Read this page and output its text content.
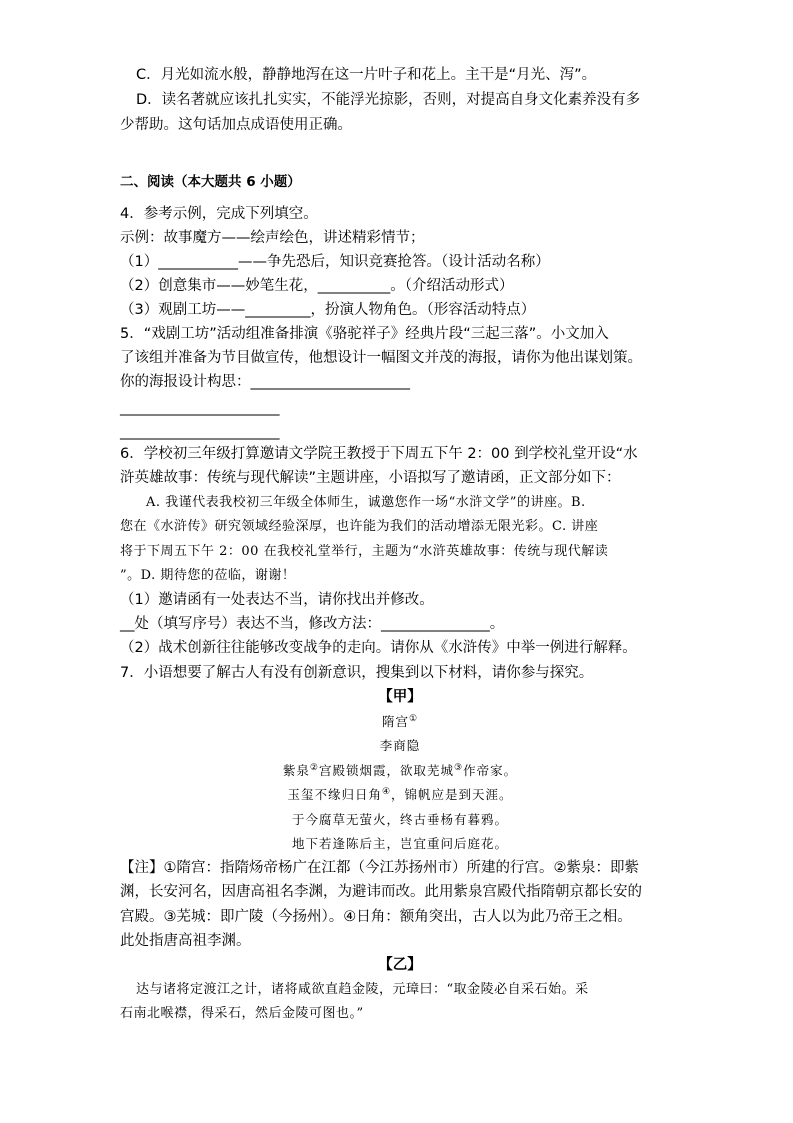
C．月光如流水般，静静地泻在这一片叶子和花上。主干是“月光、泻”。
D．读名著就应该扎扎实实，不能浮光掠影，否则，对提高自身文化素养没有多
少帮助。这句话加点成语使用正确。
二、阅读（本大题共 6 小题）
4．参考示例，完成下列填空。
示例：故事魔方——绘声绘色，讲述精彩情节；
（1）___________——争先恐后，知识竞赛抢答。（设计活动名称）
（2）创意集市——妙笔生花，__________。（介绍活动形式）
（3）观剧工坊——_________，扮演人物角色。（形容活动特点）
5．“戏剧工坊”活动组准备排演《骆驼祥子》经典片段“三起三落”。小文加入
了该组并准备为节目做宣传，他想设计一幅图文并茂的海报，请你为他出谋划策。
你的海报设计构思：______________________
______________________
______________________
6．学校初三年级打算邀请文学院王教授于下周五下午 2：00 到学校礼堂开设“水
浒英雄故事：传统与现代解读”主题讲座，小语拟写了邀请函，正文部分如下：
A. 我谨代表我校初三年级全体师生，诚邀您作一场“水浒文学”的讲座。B.
您在《水浒传》研究领域经验深厚，也许能为我们的活动增添无限光彩。C. 讲座
将于下周五下午 2：00 在我校礼堂举行，主题为“水浒英雄故事：传统与现代解读
”。D. 期待您的莅临，谢谢！
（1）邀请函有一处表达不当，请你找出并修改。
__处（填写序号）表达不当，修改方法：_______________。
（2）战术创新往往能够改变战争的走向。请你从《水浒传》中举一例进行解释。
7．小语想要了解古人有没有创新意识，搜集到以下材料，请你参与探究。
【甲】
隋宫①
李商隐
紫泉②宫殿锁烟霞，欲取芜城③作帝家。
玉玺不缘归日角④，锦帆应是到天涯。
于今腐草无萤火，终古垂杨有暮鸦。
地下若逢陈后主，岂宜重问后庭花。
【注】①隋宫：指隋炀帝杨广在江都（今江苏扬州市）所建的行宫。②紫泉：即紫
渊，长安河名，因唐高祖名李渊，为避讳而改。此用紫泉宫殿代指隋朝京都长安的
宫殿。③芜城：即广陵（今扬州）。④日角：额角突出，古人以为此乃帝王之相。
此处指唐高祖李渊。
【乙】
达与诸将定渡江之计，诸将咸欲直趋金陵，元璋曰：“取金陵必自采石始。采
石南北喉襟，得采石，然后金陵可图也。”
